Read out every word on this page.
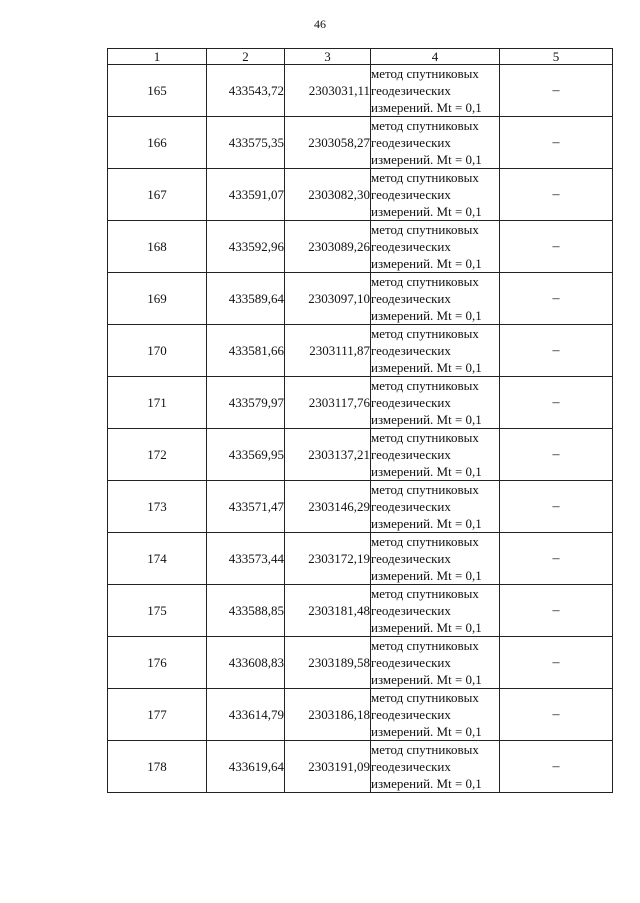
46
1	2	3	4	5
165	433543,72	2303031,11	метод спутниковых
геодезических
измерений. Mt = 0,1	–
166	433575,35	2303058,27	метод спутниковых
геодезических
измерений. Mt = 0,1	–
167	433591,07	2303082,30	метод спутниковых
геодезических
измерений. Mt = 0,1	–
168	433592,96	2303089,26	метод спутниковых
геодезических
измерений. Mt = 0,1	–
169	433589,64	2303097,10	метод спутниковых
геодезических
измерений. Mt = 0,1	–
170	433581,66	2303111,87	метод спутниковых
геодезических
измерений. Mt = 0,1	–
171	433579,97	2303117,76	метод спутниковых
геодезических
измерений. Mt = 0,1	–
172	433569,95	2303137,21	метод спутниковых
геодезических
измерений. Mt = 0,1	–
173	433571,47	2303146,29	метод спутниковых
геодезических
измерений. Mt = 0,1	–
174	433573,44	2303172,19	метод спутниковых
геодезических
измерений. Mt = 0,1	–
175	433588,85	2303181,48	метод спутниковых
геодезических
измерений. Mt = 0,1	–
176	433608,83	2303189,58	метод спутниковых
геодезических
измерений. Mt = 0,1	–
177	433614,79	2303186,18	метод спутниковых
геодезических
измерений. Mt = 0,1	–
178	433619,64	2303191,09	метод спутниковых
геодезических
измерений. Mt = 0,1	–
